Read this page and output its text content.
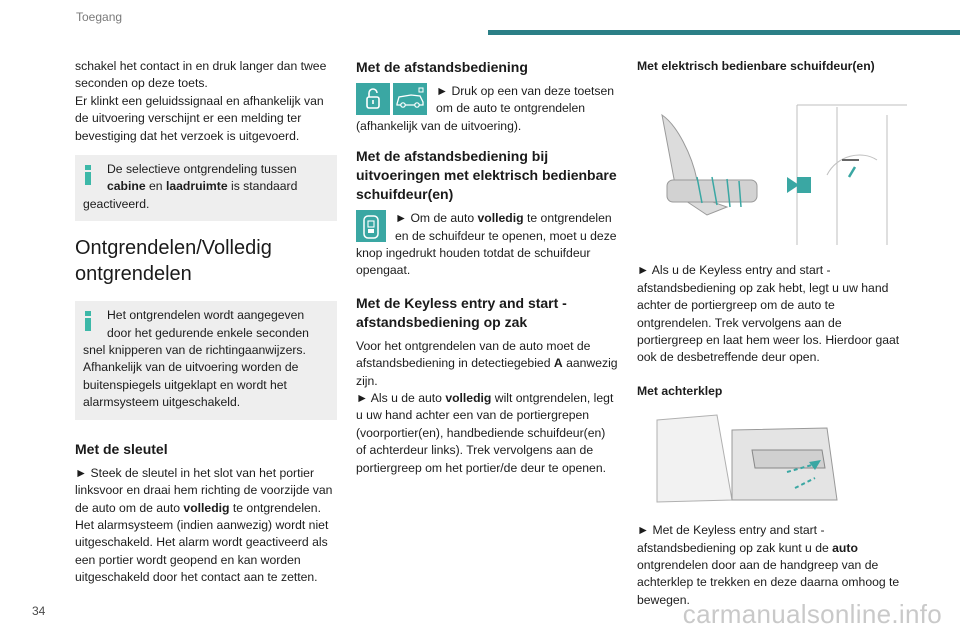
Toegang

schakel het contact in en druk langer dan twee seconden op deze toets.

Er klinkt een geluidssignaal en afhankelijk van de uitvoering verschijnt er een melding ter bevestiging dat het verzoek is uitgevoerd.

De selectieve ontgrendeling tussen
cabine en laadruimte is standaard
geactiveerd.
Ontgrendelen/Volledig ontgrendelen
Het ontgrendelen wordt aangegeven door het gedurende enkele seconden
snel knipperen van de richtingaanwijzers.
Afhankelijk van de uitvoering worden de buitenspiegels uitgeklapt en wordt het alarmsysteem uitgeschakeld.
Met de sleutel

► Steek de sleutel in het slot van het portier linksvoor en draai hem richting de voorzijde van de auto om de auto volledig te ontgrendelen.
Het alarmsysteem (indien aanwezig) wordt niet uitgeschakeld. Het alarm wordt geactiveerd als een portier wordt geopend en kan worden uitgeschakeld door het contact aan te zetten.

Met de afstandsbediening
► Druk op een van deze toetsen om de auto te ontgrendelen

(afhankelijk van de uitvoering).

Met de afstandsbediening bij uitvoeringen met elektrisch bedienbare schuifdeur(en)
► Om de auto volledig te ontgrendelen en de schuifdeur te openen, moet u deze

knop ingedrukt houden totdat de schuifdeur opengaat.

Met de Keyless entry and start -afstandsbediening op zak

Voor het ontgrendelen van de auto moet de afstandsbediening in detectiegebied A aanwezig zijn.
► Als u de auto volledig wilt ontgrendelen, legt u uw hand achter een van de portiergrepen (voorportier(en), handbediende schuifdeur(en) of achterdeur links). Trek vervolgens aan de portiergreep om het portier/de deur te openen.

Met elektrisch bedienbare schuifdeur(en)

► Als u de Keyless entry and start -afstandsbediening op zak hebt, legt u uw hand achter de portiergreep om de auto te ontgrendelen. Trek vervolgens aan de portiergreep en laat hem weer los. Hierdoor gaat ook de desbetreffende deur open.

Met achterklep

► Met de Keyless entry and start -afstandsbediening op zak kunt u de auto ontgrendelen door aan de handgreep van de achterklep te trekken en deze daarna omhoog te bewegen.

34	carmanualsonline.info
